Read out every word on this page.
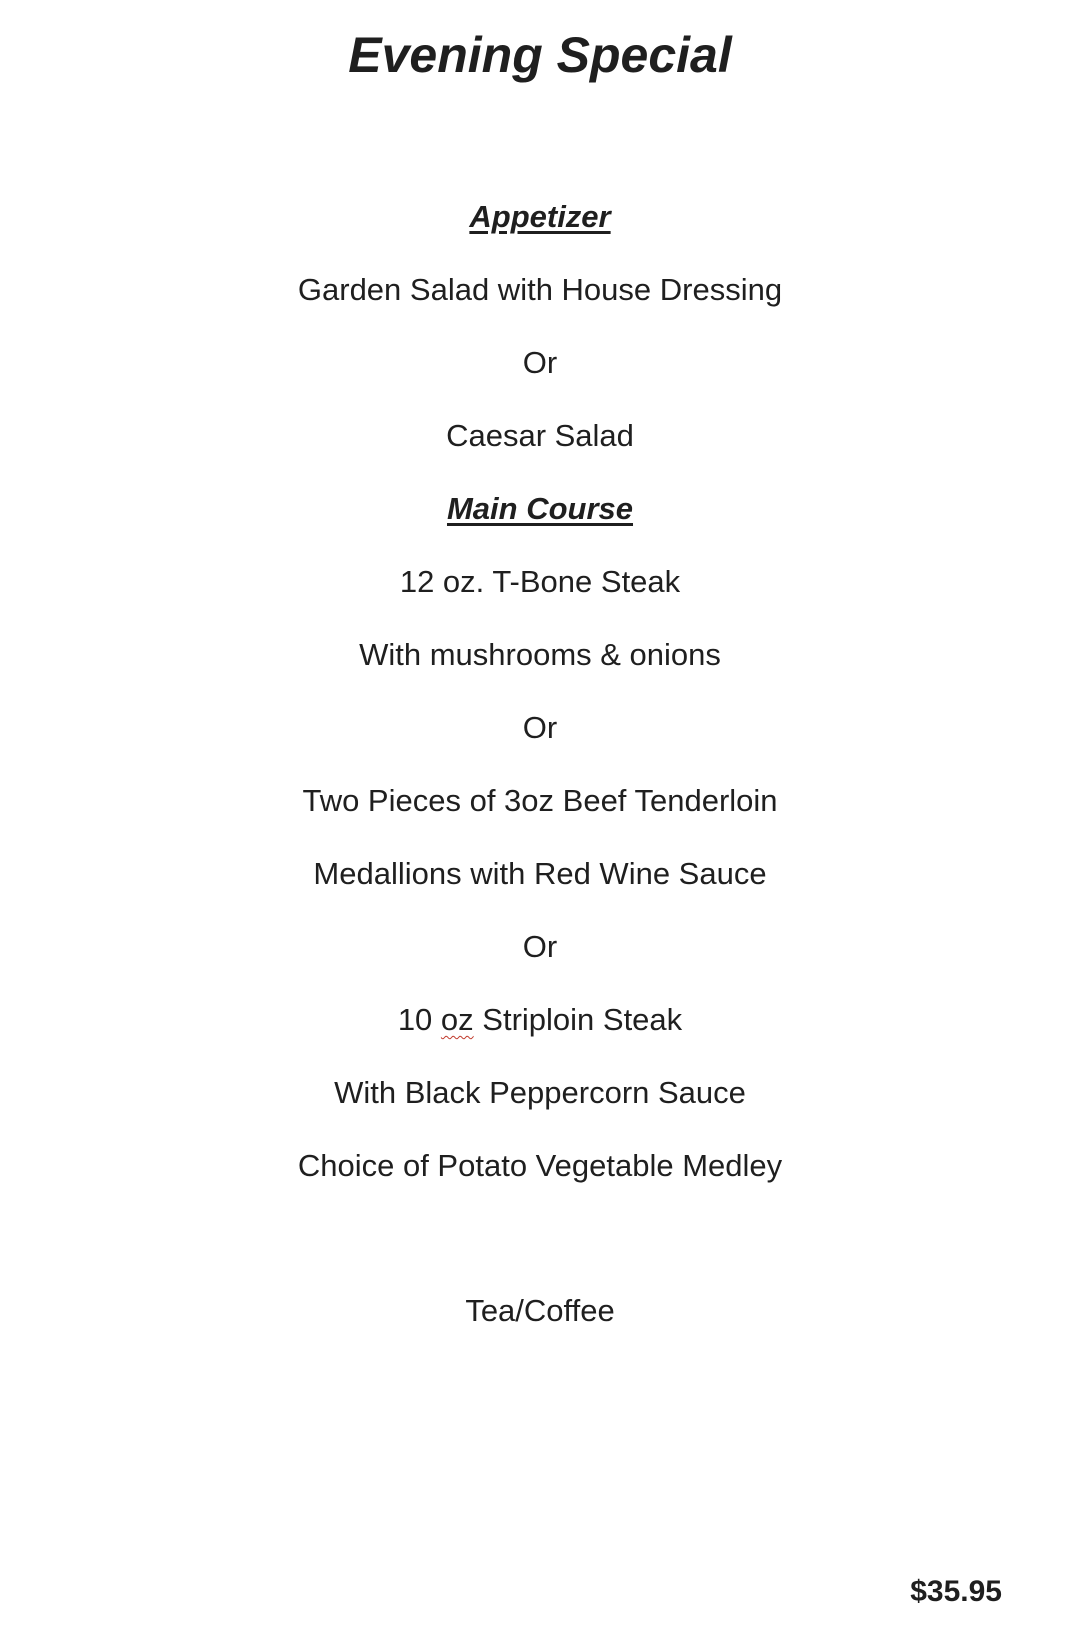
Evening Special
Appetizer
Garden Salad with House Dressing
Or
Caesar Salad
Main Course
12 oz. T-Bone Steak
With mushrooms & onions
Or
Two Pieces of 3oz Beef Tenderloin
Medallions with Red Wine Sauce
Or
10 oz Striploin Steak
With Black Peppercorn Sauce
Choice of Potato Vegetable Medley
Tea/Coffee
$35.95
